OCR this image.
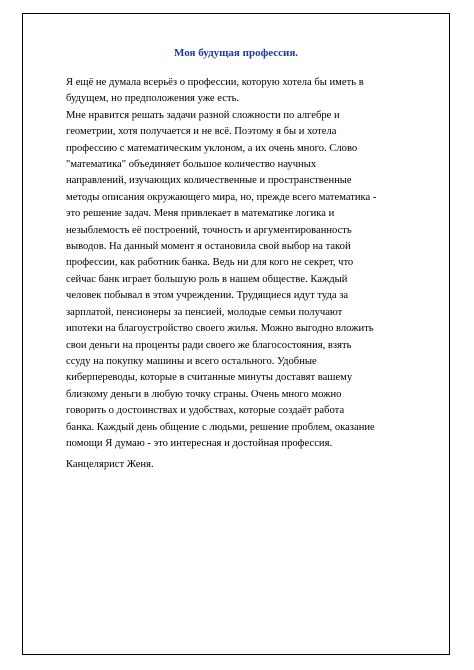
Моя будущая профессия.
Я ещё не думала всерьёз о профессии, которую хотела бы иметь в
будущем, но предположения уже есть.
Мне нравится решать задачи разной сложности по алгебре и
геометрии, хотя получается и не всё. Поэтому я бы и хотела
профессию с математическим уклоном, а их очень много. Слово
"математика" объединяет большое количество научных
направлений, изучающих количественные и пространственные
методы описания окружающего мира, но, прежде всего математика -
это решение задач. Меня привлекает в математике логика и
незыблемость её построений, точность и аргументированность
выводов. На данный момент я остановила свой выбор на такой
профессии, как работник банка. Ведь ни для кого не секрет, что
сейчас банк играет большую роль в нашем обществе. Каждый
человек побывал в этом учреждении. Трудящиеся идут туда за
зарплатой, пенсионеры за пенсией, молодые семьи получают
ипотеки на благоустройство своего жилья. Можно выгодно вложить
свои деньги на проценты ради своего же благосостояния, взять
ссуду на покупку машины и всего остального. Удобные
киберпереводы, которые в считанные минуты доставят вашему
близкому деньги в любую точку страны. Очень много можно
говорить о достоинствах и удобствах, которые создаёт работа
банка. Каждый день общение с людьми, решение проблем, оказание
помощи Я думаю - это интересная и достойная профессия.
Канцелярист Женя.
